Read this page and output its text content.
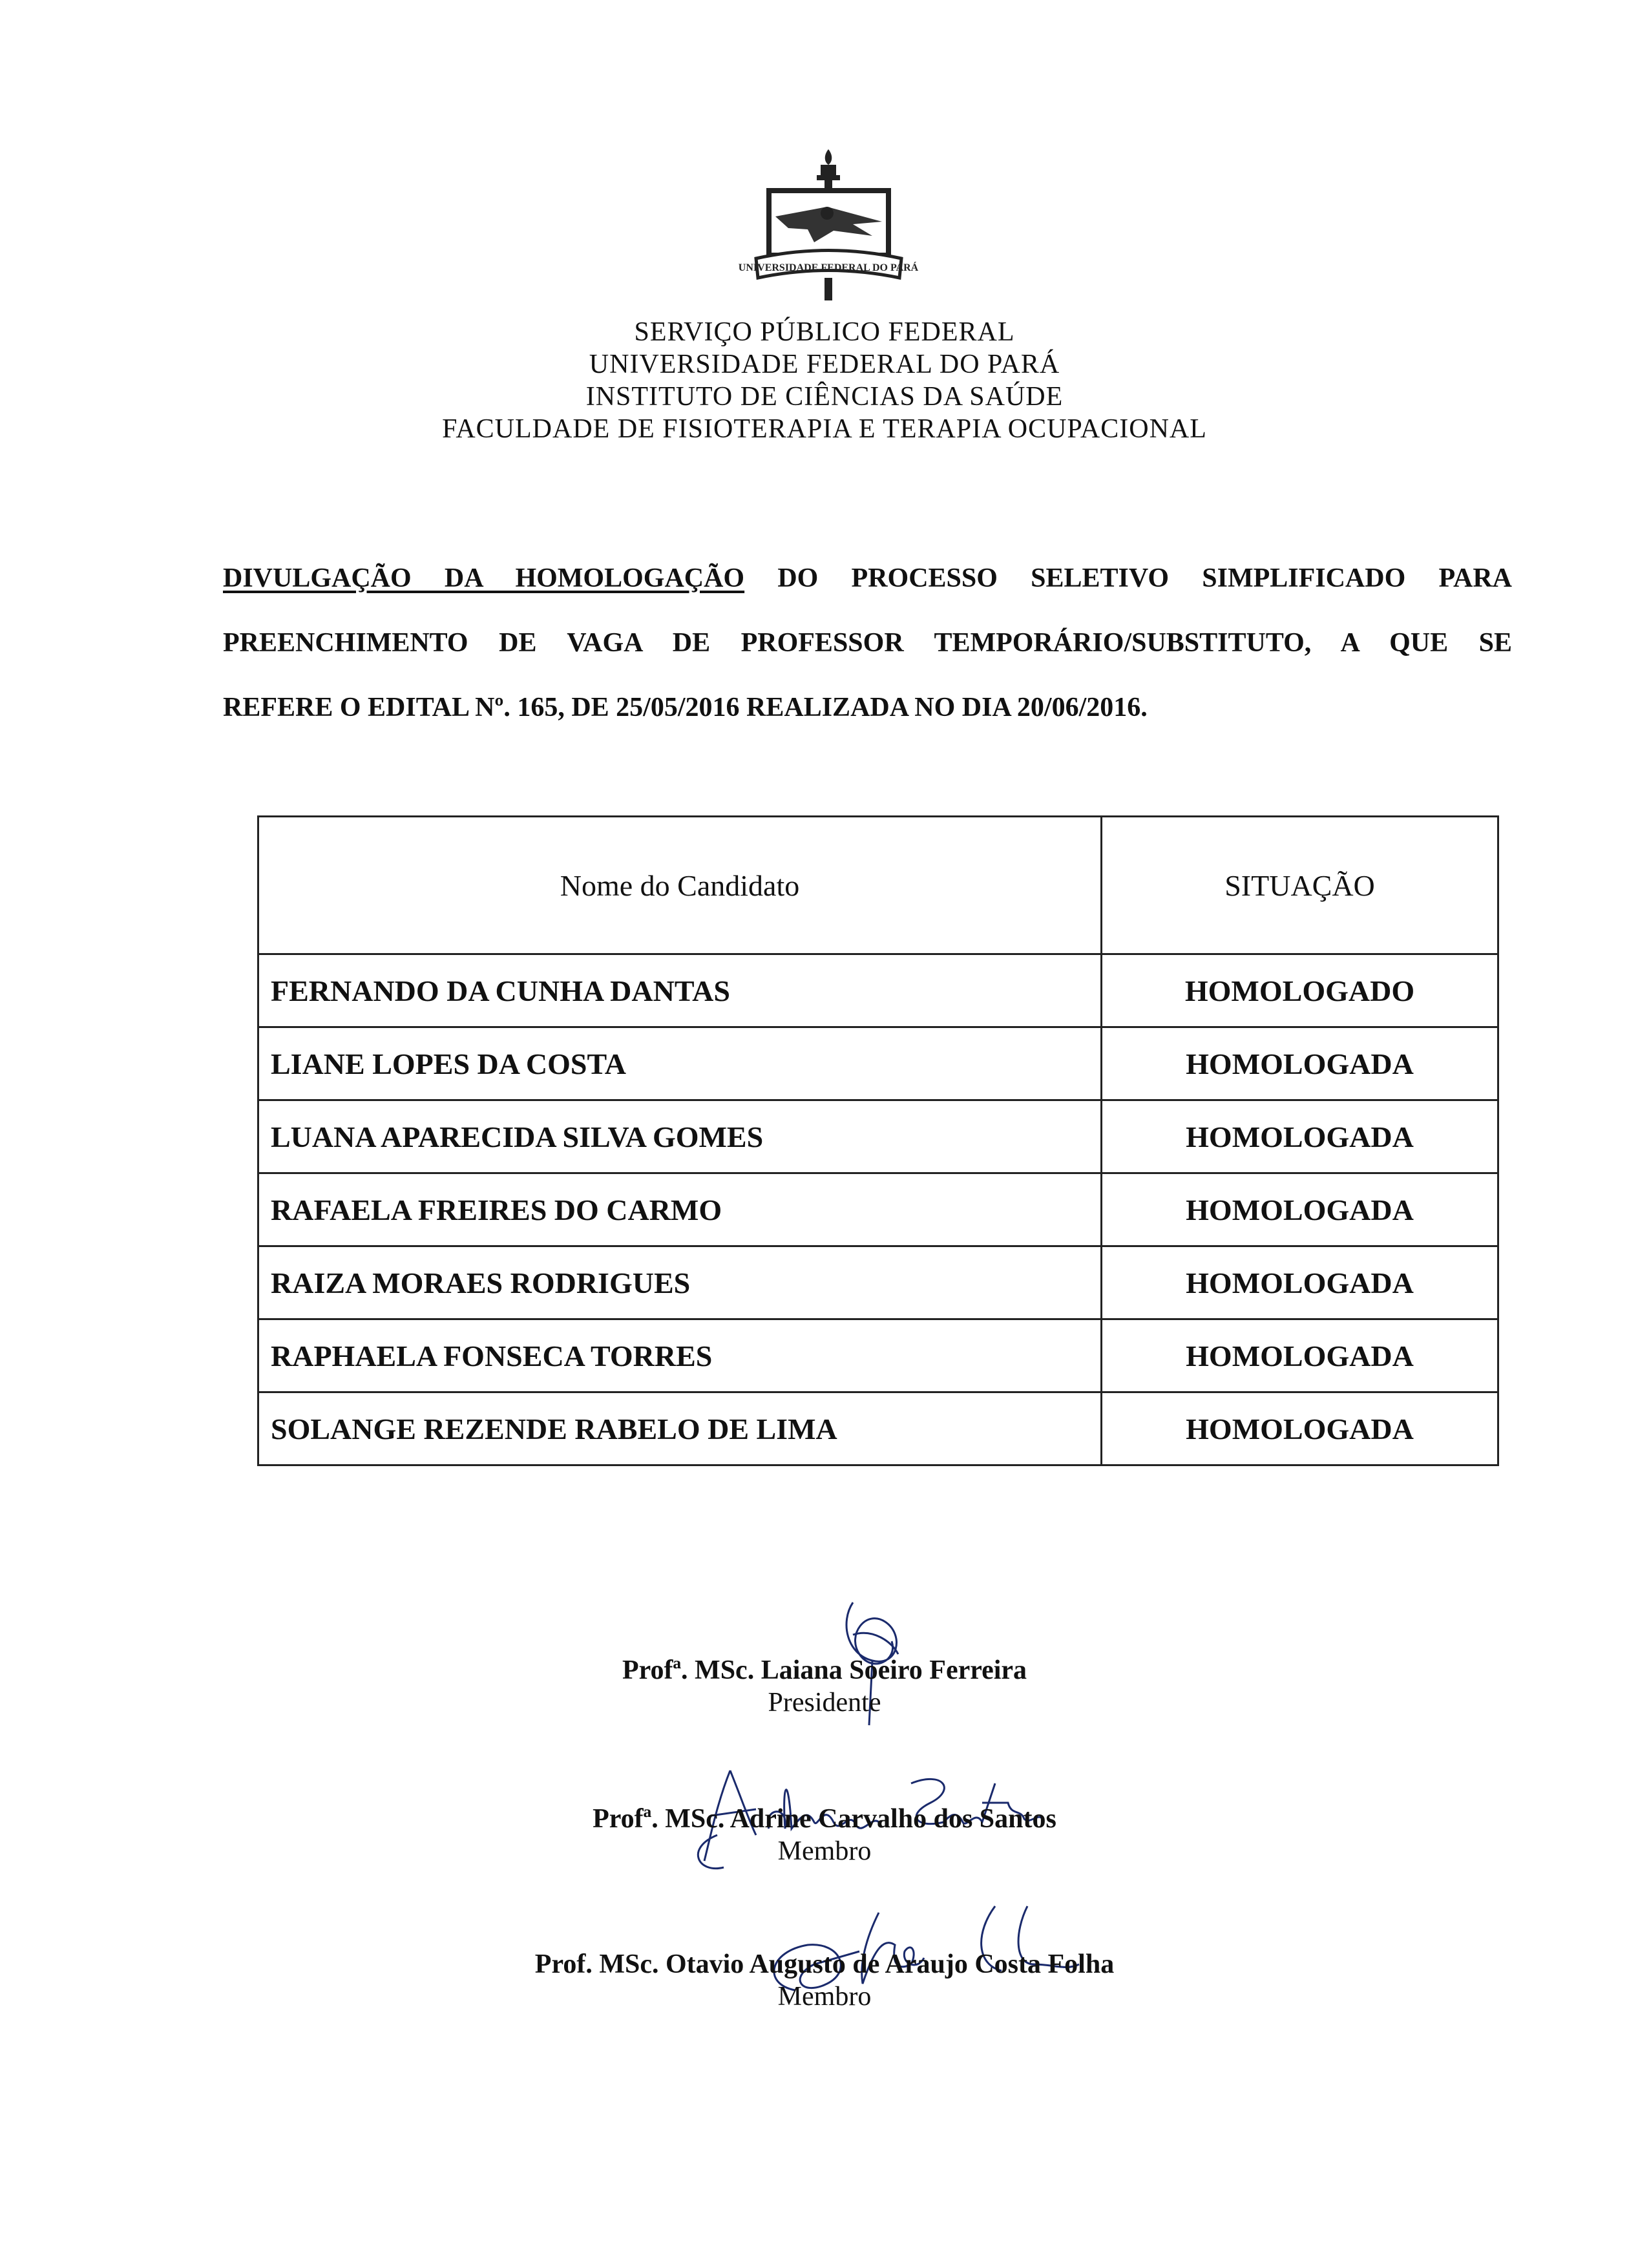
UNIVERSIDADE FEDERAL DO PARÁ
SERVIÇO PÚBLICO FEDERAL
UNIVERSIDADE FEDERAL DO PARÁ
INSTITUTO DE CIÊNCIAS DA SAÚDE
FACULDADE DE FISIOTERAPIA E TERAPIA OCUPACIONAL
DIVULGAÇÃO DA HOMOLOGAÇÃO DO PROCESSO SELETIVO SIMPLIFICADO PARA
PREENCHIMENTO DE VAGA DE PROFESSOR TEMPORÁRIO/SUBSTITUTO, A QUE SE
REFERE O EDITAL Nº. 165, DE 25/05/2016 REALIZADA NO DIA 20/06/2016.
Nome do Candidato	SITUAÇÃO
FERNANDO DA CUNHA DANTAS	HOMOLOGADO
LIANE LOPES DA COSTA	HOMOLOGADA
LUANA APARECIDA SILVA GOMES	HOMOLOGADA
RAFAELA FREIRES DO CARMO	HOMOLOGADA
RAIZA MORAES RODRIGUES	HOMOLOGADA
RAPHAELA FONSECA TORRES	HOMOLOGADA
SOLANGE REZENDE RABELO DE LIMA	HOMOLOGADA
Profª. MSc. Laiana Soeiro Ferreira
Presidente
Profª. MSc. Adrine Carvalho dos Santos
Membro
Prof. MSc. Otavio Augusto de Araujo Costa Folha
Membro
